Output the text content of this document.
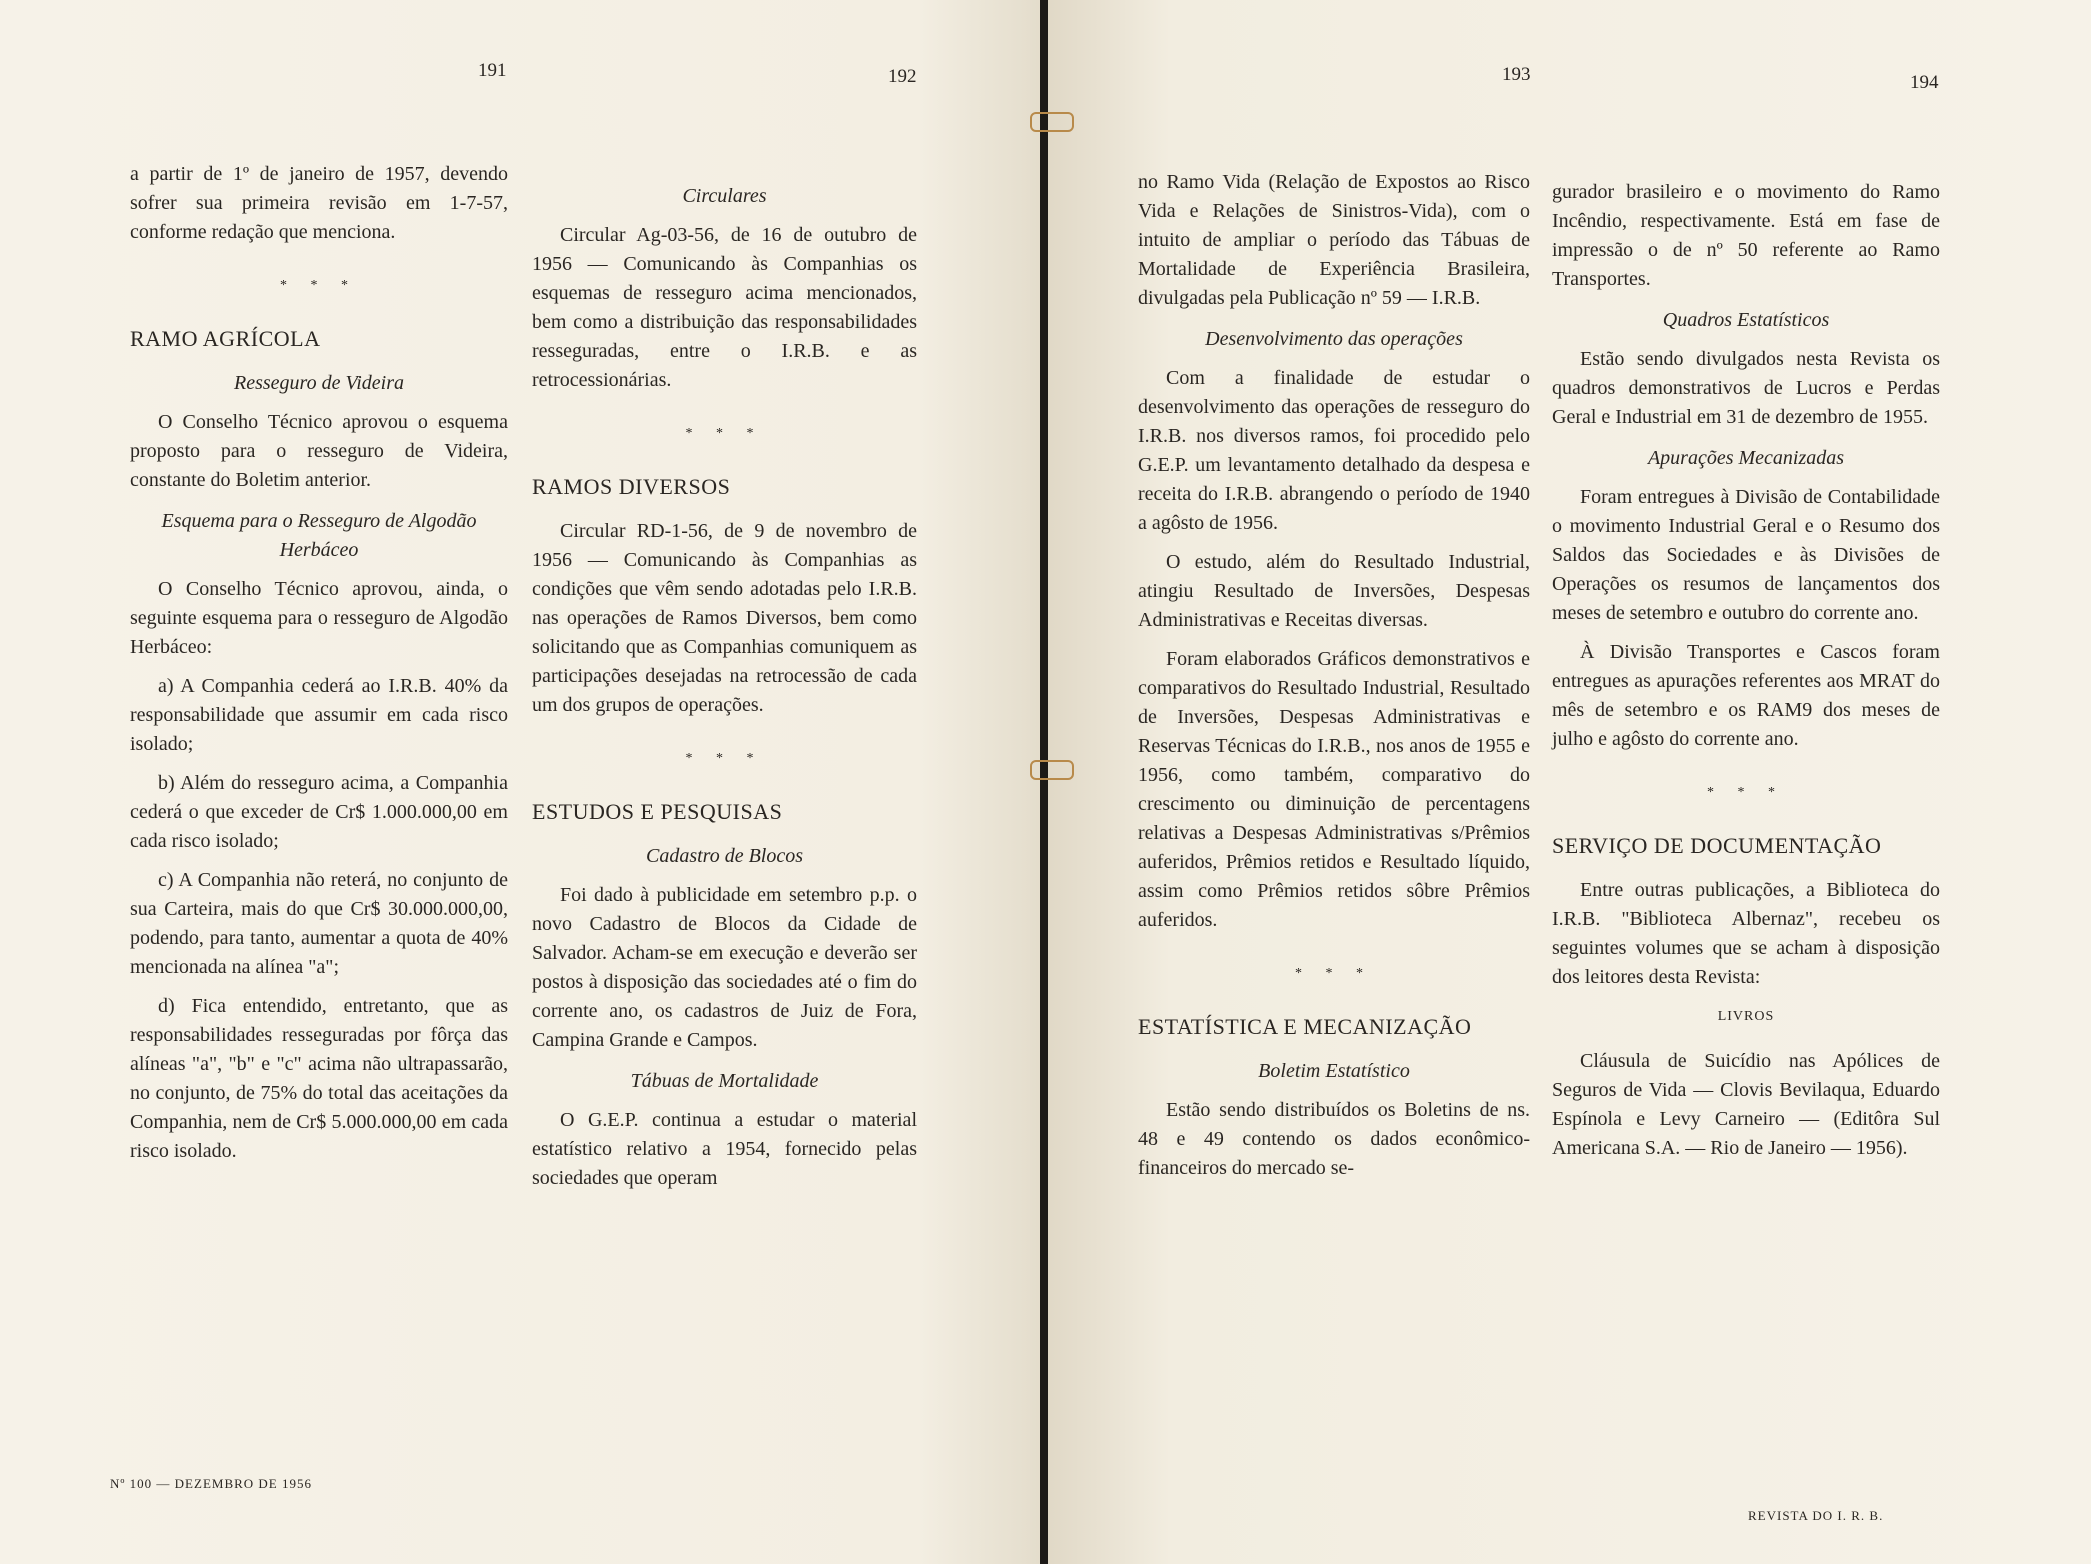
191	192	193	194

a partir de 1º de janeiro de 1957, devendo sofrer sua primeira revisão em 1-7-57, conforme redação que menciona.

* * *

RAMO AGRÍCOLA

Resseguro de Videira

O Conselho Técnico aprovou o esquema proposto para o resseguro de Videira, constante do Boletim anterior.

Esquema para o Resseguro de Algodão Herbáceo

O Conselho Técnico aprovou, ainda, o seguinte esquema para o resseguro de Algodão Herbáceo:

a) A Companhia cederá ao I.R.B. 40% da responsabilidade que assumir em cada risco isolado;

b) Além do resseguro acima, a Companhia cederá o que exceder de Cr$ 1.000.000,00 em cada risco isolado;

c) A Companhia não reterá, no conjunto de sua Carteira, mais do que Cr$ 30.000.000,00, podendo, para tanto, aumentar a quota de 40% mencionada na alínea "a";

d) Fica entendido, entretanto, que as responsabilidades resseguradas por fôrça das alíneas "a", "b" e "c" acima não ultrapassarão, no conjunto, de 75% do total das aceitações da Companhia, nem de Cr$ 5.000.000,00 em cada risco isolado.

Circulares

Circular Ag-03-56, de 16 de outubro de 1956 — Comunicando às Companhias os esquemas de resseguro acima mencionados, bem como a distribuição das responsabilidades resseguradas, entre o I.R.B. e as retrocessionárias.

* * *

RAMOS DIVERSOS

Circular RD-1-56, de 9 de novembro de 1956 — Comunicando às Companhias as condições que vêm sendo adotadas pelo I.R.B. nas operações de Ramos Diversos, bem como solicitando que as Companhias comuniquem as participações desejadas na retrocessão de cada um dos grupos de operações.

* * *

ESTUDOS E PESQUISAS

Cadastro de Blocos

Foi dado à publicidade em setembro p.p. o novo Cadastro de Blocos da Cidade de Salvador. Acham-se em execução e deverão ser postos à disposição das sociedades até o fim do corrente ano, os cadastros de Juiz de Fora, Campina Grande e Campos.

Tábuas de Mortalidade

O G.E.P. continua a estudar o material estatístico relativo a 1954, fornecido pelas sociedades que operam

no Ramo Vida (Relação de Expostos ao Risco Vida e Relações de Sinistros-Vida), com o intuito de ampliar o período das Tábuas de Mortalidade de Experiência Brasileira, divulgadas pela Publicação nº 59 — I.R.B.

Desenvolvimento das operações

Com a finalidade de estudar o desenvolvimento das operações de resseguro do I.R.B. nos diversos ramos, foi procedido pelo G.E.P. um levantamento detalhado da despesa e receita do I.R.B. abrangendo o período de 1940 a agôsto de 1956.

O estudo, além do Resultado Industrial, atingiu Resultado de Inversões, Despesas Administrativas e Receitas diversas.

Foram elaborados Gráficos demonstrativos e comparativos do Resultado Industrial, Resultado de Inversões, Despesas Administrativas e Reservas Técnicas do I.R.B., nos anos de 1955 e 1956, como também, comparativo do crescimento ou diminuição de percentagens relativas a Despesas Administrativas s/Prêmios auferidos, Prêmios retidos e Resultado líquido, assim como Prêmios retidos sôbre Prêmios auferidos.

* * *

ESTATÍSTICA E MECANIZAÇÃO

Boletim Estatístico

Estão sendo distribuídos os Boletins de ns. 48 e 49 contendo os dados econômico-financeiros do mercado se-

gurador brasileiro e o movimento do Ramo Incêndio, respectivamente. Está em fase de impressão o de nº 50 referente ao Ramo Transportes.

Quadros Estatísticos

Estão sendo divulgados nesta Revista os quadros demonstrativos de Lucros e Perdas Geral e Industrial em 31 de dezembro de 1955.

Apurações Mecanizadas

Foram entregues à Divisão de Contabilidade o movimento Industrial Geral e o Resumo dos Saldos das Sociedades e às Divisões de Operações os resumos de lançamentos dos meses de setembro e outubro do corrente ano.

À Divisão Transportes e Cascos foram entregues as apurações referentes aos MRAT do mês de setembro e os RAM9 dos meses de julho e agôsto do corrente ano.

* * *

SERVIÇO DE DOCUMENTAÇÃO

Entre outras publicações, a Biblioteca do I.R.B. "Biblioteca Albernaz", recebeu os seguintes volumes que se acham à disposição dos leitores desta Revista:

LIVROS

Cláusula de Suicídio nas Apólices de Seguros de Vida — Clovis Bevilaqua, Eduardo Espínola e Levy Carneiro — (Editôra Sul Americana S.A. — Rio de Janeiro — 1956).

Nº 100 — DEZEMBRO DE 1956
REVISTA DO I. R. B.
